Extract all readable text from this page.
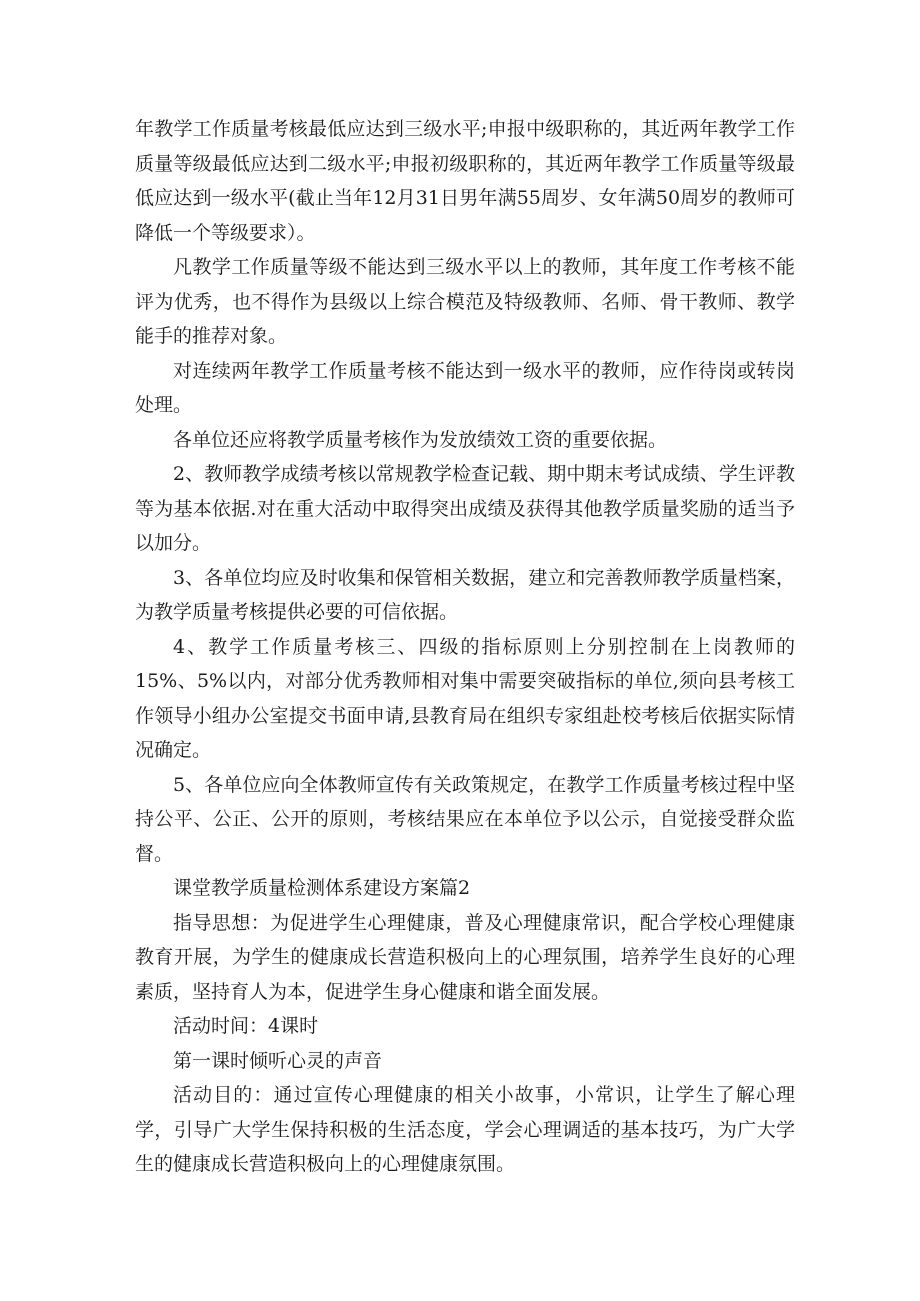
年教学工作质量考核最低应达到三级水平;申报中级职称的，其近两年教学工作质量等级最低应达到二级水平;申报初级职称的，其近两年教学工作质量等级最低应达到一级水平(截止当年12月31日男年满55周岁、女年满50周岁的教师可降低一个等级要求）。

凡教学工作质量等级不能达到三级水平以上的教师，其年度工作考核不能评为优秀，也不得作为县级以上综合模范及特级教师、名师、骨干教师、教学能手的推荐对象。

对连续两年教学工作质量考核不能达到一级水平的教师，应作待岗或转岗处理。

各单位还应将教学质量考核作为发放绩效工资的重要依据。

2、教师教学成绩考核以常规教学检查记载、期中期末考试成绩、学生评教等为基本依据.对在重大活动中取得突出成绩及获得其他教学质量奖励的适当予以加分。

3、各单位均应及时收集和保管相关数据，建立和完善教师教学质量档案，为教学质量考核提供必要的可信依据。

4、教学工作质量考核三、四级的指标原则上分别控制在上岗教师的15%、5%以内，对部分优秀教师相对集中需要突破指标的单位,须向县考核工作领导小组办公室提交书面申请,县教育局在组织专家组赴校考核后依据实际情况确定。

5、各单位应向全体教师宣传有关政策规定，在教学工作质量考核过程中坚持公平、公正、公开的原则，考核结果应在本单位予以公示，自觉接受群众监督。

课堂教学质量检测体系建设方案篇2

指导思想：为促进学生心理健康，普及心理健康常识，配合学校心理健康教育开展，为学生的健康成长营造积极向上的心理氛围，培养学生良好的心理素质，坚持育人为本，促进学生身心健康和谐全面发展。

活动时间：4课时

第一课时倾听心灵的声音

活动目的：通过宣传心理健康的相关小故事，小常识，让学生了解心理学，引导广大学生保持积极的生活态度，学会心理调适的基本技巧，为广大学生的健康成长营造积极向上的心理健康氛围。
